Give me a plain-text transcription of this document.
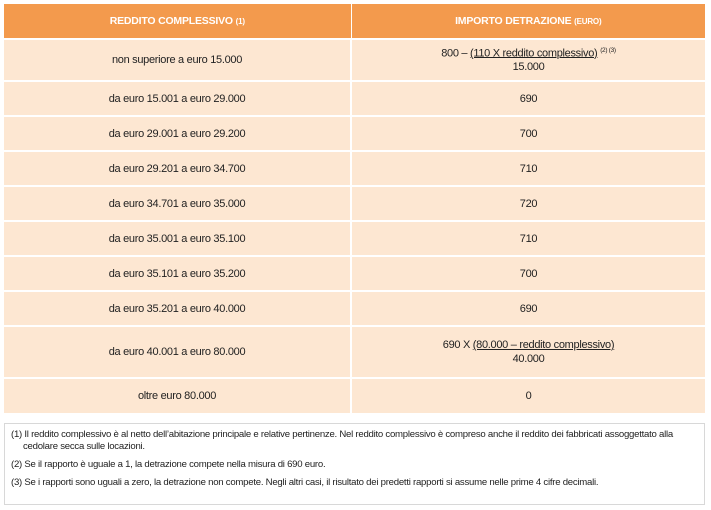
REDDITO COMPLESSIVO (1)	IMPORTO DETRAZIONE (EURO)
non superiore a euro 15.000	800 – (110 X reddito complessivo) $^{(2) (3)}$
15.000

da euro 15.001 a euro 29.000	690
da euro 29.001 a euro 29.200	700
da euro 29.201 a euro 34.700	710
da euro 34.701 a euro 35.000	720
da euro 35.001 a euro 35.100	710
da euro 35.101 a euro 35.200	700
da euro 35.201 a euro 40.000	690
da euro 40.001 a euro 80.000	690 X (80.000 – reddito complessivo)
40.000

oltre euro 80.000	0

(1) Il reddito complessivo è al netto dell’abitazione principale e relative pertinenze. Nel reddito complessivo è compreso anche il reddito dei fabbricati assoggettato alla cedolare secca sulle locazioni.

(2) Se il rapporto è uguale a 1, la detrazione compete nella misura di 690 euro.

(3) Se i rapporti sono uguali a zero, la detrazione non compete. Negli altri casi, il risultato dei predetti rapporti si assume nelle prime 4 cifre decimali.
